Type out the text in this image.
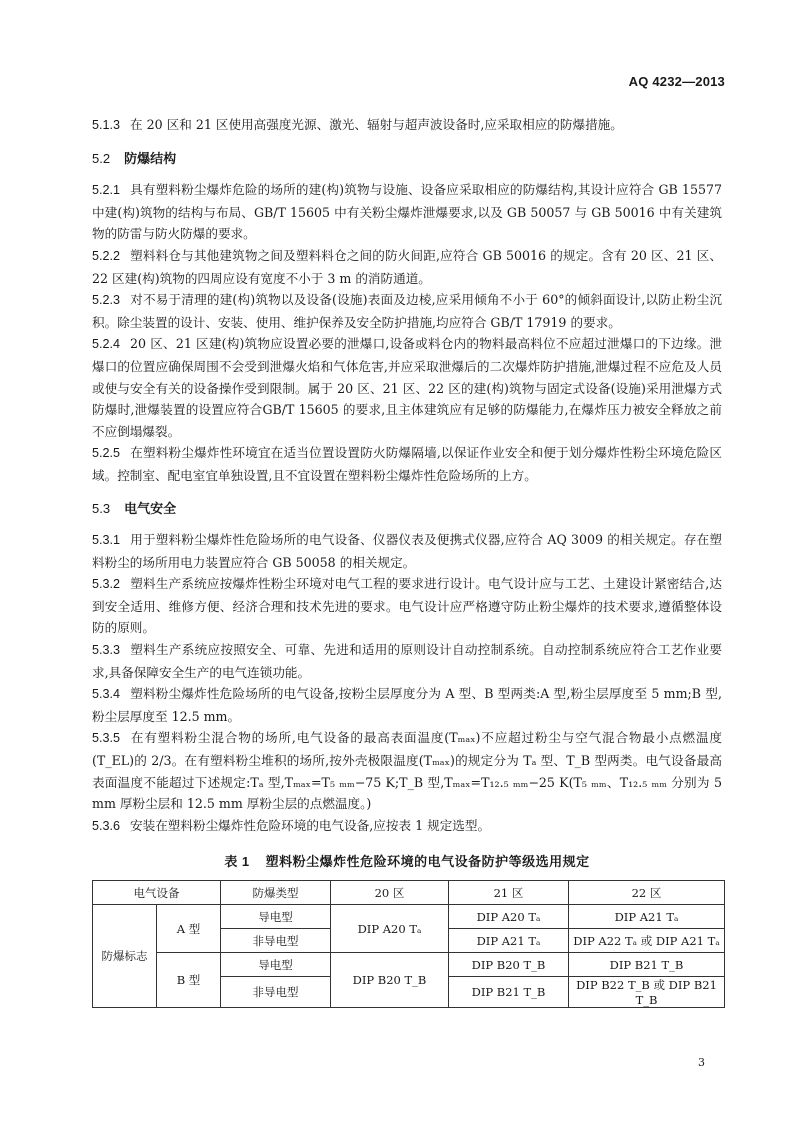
AQ 4232—2013

5.1.3 在 20 区和 21 区使用高强度光源、激光、辐射与超声波设备时,应采取相应的防爆措施。

5.2 防爆结构

5.2.1 具有塑料粉尘爆炸危险的场所的建(构)筑物与设施、设备应采取相应的防爆结构,其设计应符合 GB 15577 中建(构)筑物的结构与布局、GB/T 15605 中有关粉尘爆炸泄爆要求,以及 GB 50057 与 GB 50016 中有关建筑物的防雷与防火防爆的要求。

5.2.2 塑料料仓与其他建筑物之间及塑料料仓之间的防火间距,应符合 GB 50016 的规定。含有 20 区、21 区、22 区建(构)筑物的四周应设有宽度不小于 3 m 的消防通道。

5.2.3 对不易于清理的建(构)筑物以及设备(设施)表面及边棱,应采用倾角不小于 60°的倾斜面设计,以防止粉尘沉积。除尘装置的设计、安装、使用、维护保养及安全防护措施,均应符合 GB/T 17919 的要求。

5.2.4 20 区、21 区建(构)筑物应设置必要的泄爆口,设备或料仓内的物料最高料位不应超过泄爆口的下边缘。泄爆口的位置应确保周围不会受到泄爆火焰和气体危害,并应采取泄爆后的二次爆炸防护措施,泄爆过程不应危及人员或使与安全有关的设备操作受到限制。属于 20 区、21 区、22 区的建(构)筑物与固定式设备(设施)采用泄爆方式防爆时,泄爆装置的设置应符合GB/T 15605 的要求,且主体建筑应有足够的防爆能力,在爆炸压力被安全释放之前不应倒塌爆裂。

5.2.5 在塑料粉尘爆炸性环境宜在适当位置设置防火防爆隔墙,以保证作业安全和便于划分爆炸性粉尘环境危险区域。控制室、配电室宜单独设置,且不宜设置在塑料粉尘爆炸性危险场所的上方。

5.3 电气安全

5.3.1 用于塑料粉尘爆炸性危险场所的电气设备、仪器仪表及便携式仪器,应符合 AQ 3009 的相关规定。存在塑料粉尘的场所用电力装置应符合 GB 50058 的相关规定。

5.3.2 塑料生产系统应按爆炸性粉尘环境对电气工程的要求进行设计。电气设计应与工艺、土建设计紧密结合,达到安全适用、维修方便、经济合理和技术先进的要求。电气设计应严格遵守防止粉尘爆炸的技术要求,遵循整体设防的原则。

5.3.3 塑料生产系统应按照安全、可靠、先进和适用的原则设计自动控制系统。自动控制系统应符合工艺作业要求,具备保障安全生产的电气连锁功能。

5.3.4 塑料粉尘爆炸性危险场所的电气设备,按粉尘层厚度分为 A 型、B 型两类:A 型,粉尘层厚度至 5 mm;B 型,粉尘层厚度至 12.5 mm。

5.3.5 在有塑料粉尘混合物的场所,电气设备的最高表面温度(Tₘₐₓ)不应超过粉尘与空气混合物最小点燃温度(T_EL)的 2/3。在有塑料粉尘堆积的场所,按外壳极限温度(Tₘₐₓ)的规定分为 Tₐ 型、T_B 型两类。电气设备最高表面温度不能超过下述规定:Tₐ 型,Tₘₐₓ=T₅ ₘₘ−75 K;T_B 型,Tₘₐₓ=T₁₂.₅ ₘₘ−25 K(T₅ ₘₘ、T₁₂.₅ ₘₘ 分别为 5 mm 厚粉尘层和 12.5 mm 厚粉尘层的点燃温度。)

5.3.6 安装在塑料粉尘爆炸性危险环境的电气设备,应按表 1 规定选型。

表 1 塑料粉尘爆炸性危险环境的电气设备防护等级选用规定
电气设备		防爆类型	20 区	21 区	22 区
防爆标志	A 型	导电型	DIP A20 Tₐ	DIP A20 Tₐ	DIP A21 Tₐ
		非导电型		DIP A21 Tₐ	DIP A22 Tₐ 或 DIP A21 Tₐ
	B 型	导电型	DIP B20 T_B	DIP B20 T_B	DIP B21 T_B
		非导电型		DIP B21 T_B	DIP B22 T_B 或 DIP B21 T_B
3
